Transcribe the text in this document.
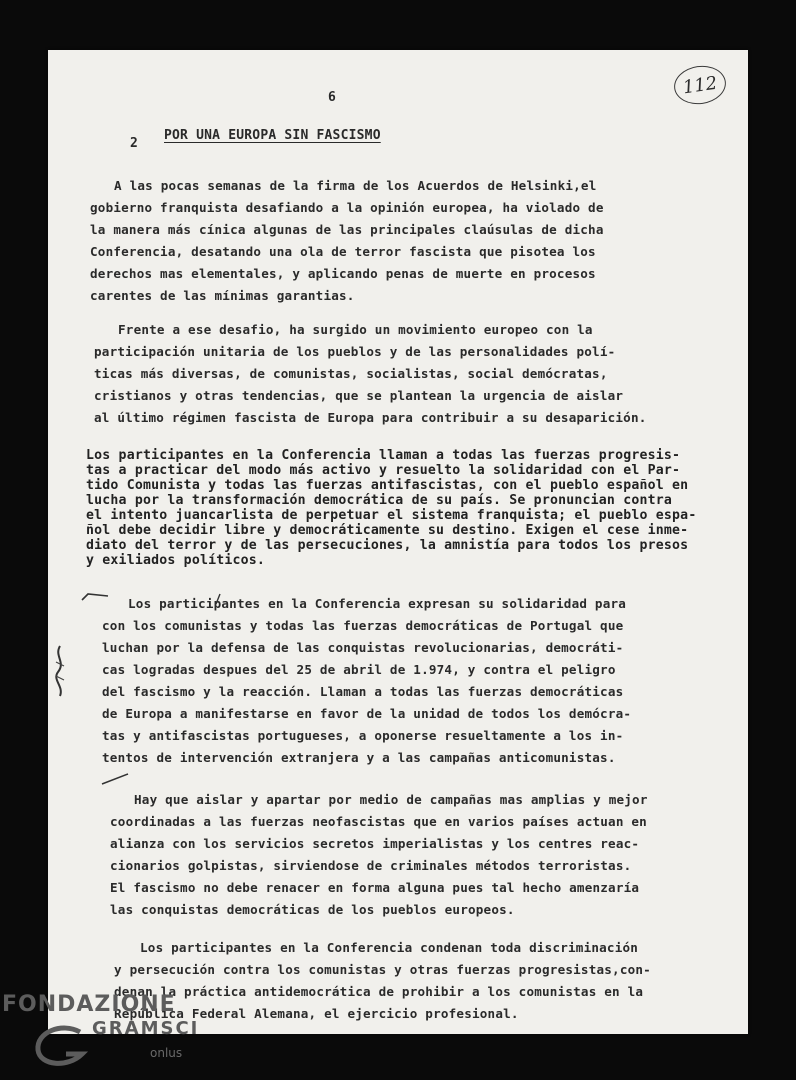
112

6

2

POR UNA EUROPA SIN FASCISMO

A las pocas semanas de la firma de los Acuerdos de Helsinki,el

gobierno franquista desafiando a la opinión europea, ha violado de

la manera más cínica algunas de las principales claúsulas de dicha

Conferencia, desatando una ola de terror fascista que pisotea los

derechos mas elementales, y aplicando penas de muerte en procesos

carentes de las mínimas garantias.

Frente a ese desafio, ha surgido un movimiento europeo con la

participación unitaria de los pueblos y de las personalidades polí-

ticas más diversas, de comunistas, socialistas, social demócratas,

cristianos y otras tendencias, que se plantean la urgencia de aislar

al último régimen fascista de Europa para contribuir a su desaparición.

Los participantes en la Conferencia llaman a todas las fuerzas progresis-

tas a practicar del modo más activo y resuelto la solidaridad con el Par-

tido Comunista y todas las fuerzas antifascistas, con el pueblo español en

lucha por la transformación democrática de su país. Se pronuncian contra

el intento juancarlista de perpetuar el sistema franquista; el pueblo espa-

ñol debe decidir libre y democráticamente su destino. Exigen el cese inme-

diato del terror y de las persecuciones, la amnistía para todos los presos

y exiliados políticos.

Los participantes en la Conferencia expresan su solidaridad para

con los comunistas y todas las fuerzas democráticas de Portugal que

luchan por la defensa de las conquistas revolucionarias, democráti-

cas logradas despues del 25 de abril de 1.974, y contra el peligro

del fascismo y la reacción. Llaman a todas las fuerzas democráticas

de Europa a manifestarse en favor de la unidad de todos los demócra-

tas y antifascistas portugueses, a oponerse resueltamente a los in-

tentos de intervención extranjera y a las campañas anticomunistas.

Hay que aislar y apartar por medio de campañas mas amplias y mejor

coordinadas a las fuerzas neofascistas que en varios países actuan en

alianza con los servicios secretos imperialistas y los centres reac-

cionarios golpistas, sirviendose de criminales métodos terroristas.

El fascismo no debe renacer en forma alguna pues tal hecho amenzaría

las conquistas democráticas de los pueblos europeos.

Los participantes en la Conferencia condenan toda discriminación

y persecución contra los comunistas y otras fuerzas progresistas,con-

denan la práctica antidemocrática de prohibir a los comunistas en la

República Federal Alemana, el ejercicio profesional.

FONDAZIONE
GRAMSCI
onlus
